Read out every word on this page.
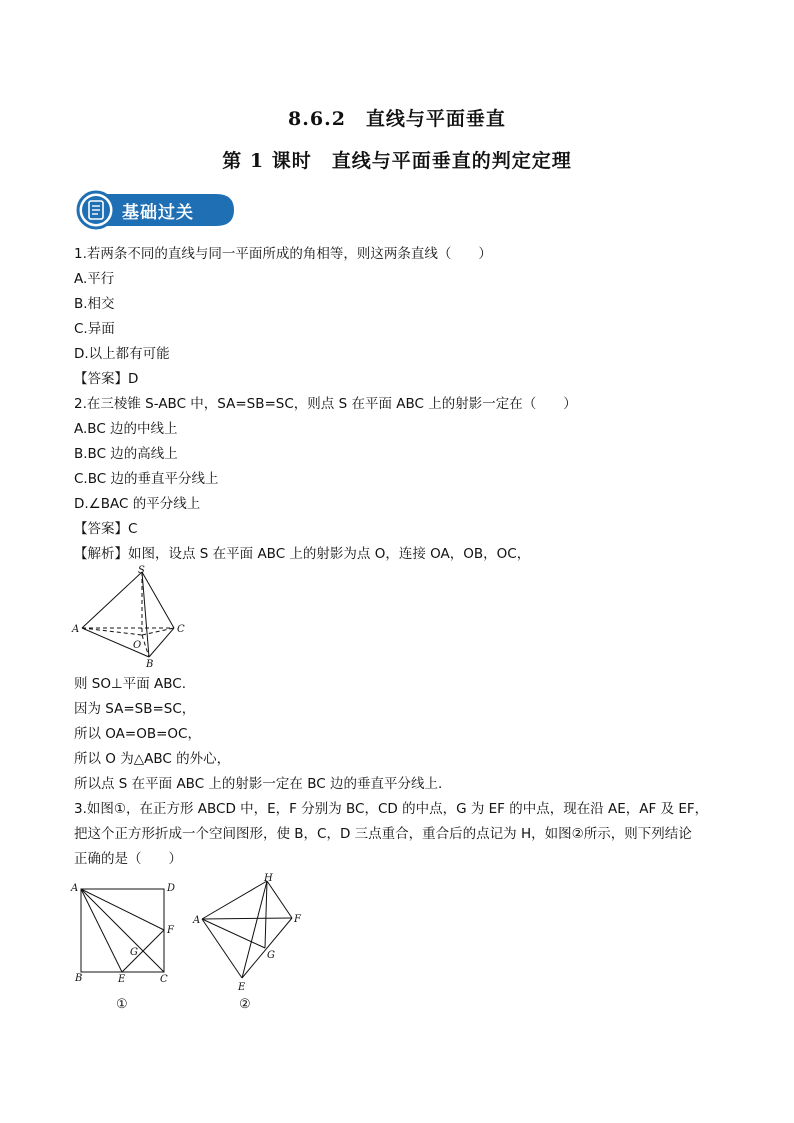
8.6.2　直线与平面垂直
第 1 课时　直线与平面垂直的判定定理
基础过关
1.若两条不同的直线与同一平面所成的角相等，则这两条直线（　　）
A.平行
B.相交
C.异面
D.以上都有可能
【答案】D
2.在三棱锥 S-ABC 中，SA=SB=SC，则点 S 在平面 ABC 上的射影一定在（　　）
A.BC 边的中线上
B.BC 边的高线上
C.BC 边的垂直平分线上
D.∠BAC 的平分线上
【答案】C
【解析】如图，设点 S 在平面 ABC 上的射影为点 O，连接 OA，OB，OC，
S
A	C
O
B
则 SO⊥平面 ABC.
因为 SA=SB=SC，
所以 OA=OB=OC，
所以 O 为△ABC 的外心，
所以点 S 在平面 ABC 上的射影一定在 BC 边的垂直平分线上.
3.如图①，在正方形 ABCD 中，E，F 分别为 BC，CD 的中点，G 为 EF 的中点，现在沿 AE，AF 及 EF，
把这个正方形折成一个空间图形，使 B，C，D 三点重合，重合后的点记为 H，如图②所示，则下列结论
正确的是（　　）
A	D
F
G
B	E	C
①
H
A	F
G
E
②
